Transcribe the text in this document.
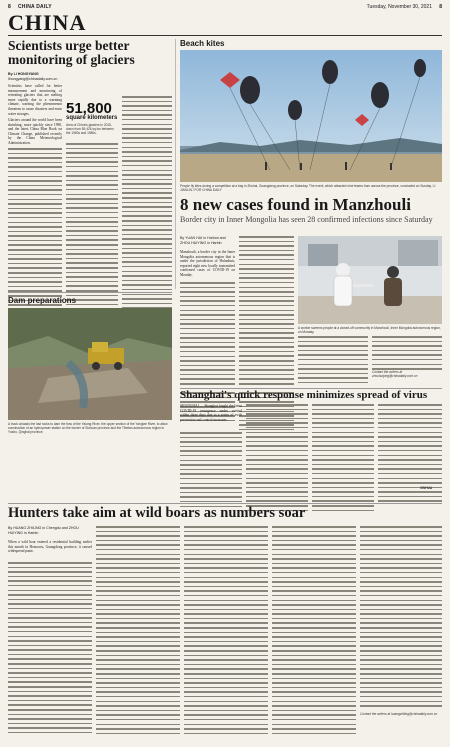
8 CHINA DAILY	Tuesday, November 30, 2021 8
CHINA
Scientists urge better monitoring of glaciers
By LI HONGYANG
lihongyang@chinadaily.com.cn
Scientists have called for better measurement and monitoring of retreating glaciers that are melting more rapidly due to a warming climate, warning the phenomenon threatens to cause disasters and erase water storages.
Glaciers around the world have been shrinking, more quickly since 1990, and the latest China Blue Book on Climate Change, published recently by the China Meteorological Administration.
51,800
square kilometers
Area of China's glaciers in 2015, down from 59,425 sq km between the 1960s and 1980s.
Beach kites
People fly kites during a competition at a bay in Zhuhai, Guangdong province, on Saturday. The event, which attracted nine teams from across the province, concluded on Sunday. LI JIANLIN / FOR CHINA DAILY
8 new cases found in Manzhouli
Border city in Inner Mongolia has seen 28 confirmed infections since Saturday
By YUAN HUI in Hohhot and ZHOU HUIYING in Harbin
Manzhouli, a border city in the Inner Mongolia autonomous region that is under the jurisdiction of Hulunbuir, reported eight new locally transmitted confirmed cases of COVID-19 on Monday.
A worker screens people at a closed-off community in Manzhouli, Inner Mongolia autonomous region, on Monday.
Contact the writers at zhouhuiying@chinadaily.com.cn
Dam preparations
A truck unloads the last rocks to dam the flow of the Yalong River, the upper section of the Yangtze River, to allow construction of an hydropower station on the border of Sichuan province and the Tibetan autonomous region in Yushu, Qinghai province.
Shanghai's quick response minimizes spread of virus
SHANGHAI — Shanghai fought the latest COVID-19 resurgence under control within three days due to a series of swift prevention and control measures.
XINHUA
Hunters take aim at wild boars as numbers soar
By HUANG ZHILING in Chengdu and ZHOU HUIYING in Harbin
When a wild boar entered a residential building earlier this month in Hezuowu, Guangdong province, it caused widespread panic.
Contact the writers at huangzhiling@chinadaily.com.cn
